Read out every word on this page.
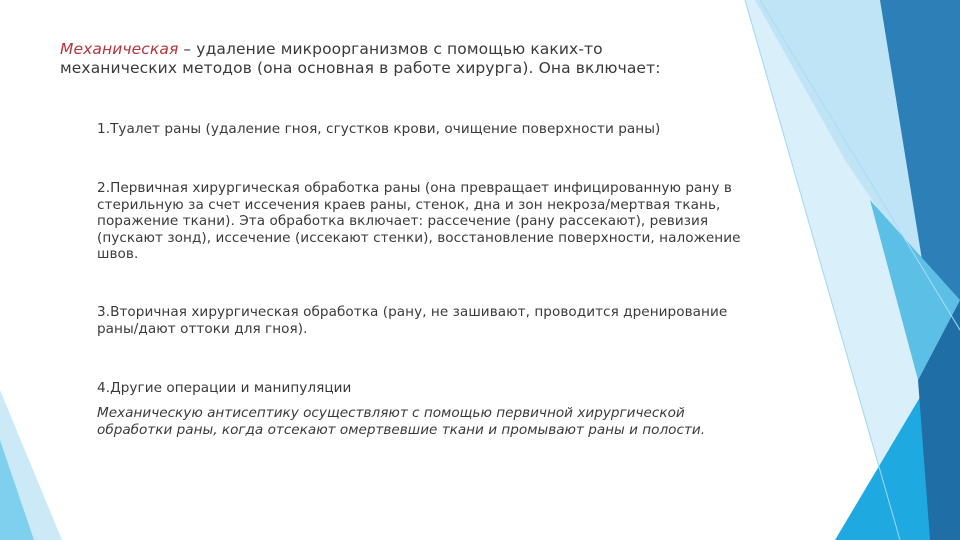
Механическая – удаление микроорганизмов с помощью каких-то механических методов (она основная в работе хирурга). Она включает:
1.Туалет раны (удаление гноя, сгустков крови, очищение поверхности раны)
2.Первичная хирургическая обработка раны (она превращает инфицированную рану в стерильную за счет иссечения краев раны, стенок, дна и зон некроза/мертвая ткань, поражение ткани). Эта обработка включает: рассечение (рану рассекают), ревизия (пускают зонд), иссечение (иссекают стенки), восстановление поверхности, наложение швов.
3.Вторичная хирургическая обработка (рану, не зашивают, проводится дренирование раны/дают оттоки для гноя).
4.Другие операции и манипуляции
Механическую антисептику осуществляют с помощью первичной хирургической обработки раны, когда отсекают омертвевшие ткани и промывают раны и полости.
